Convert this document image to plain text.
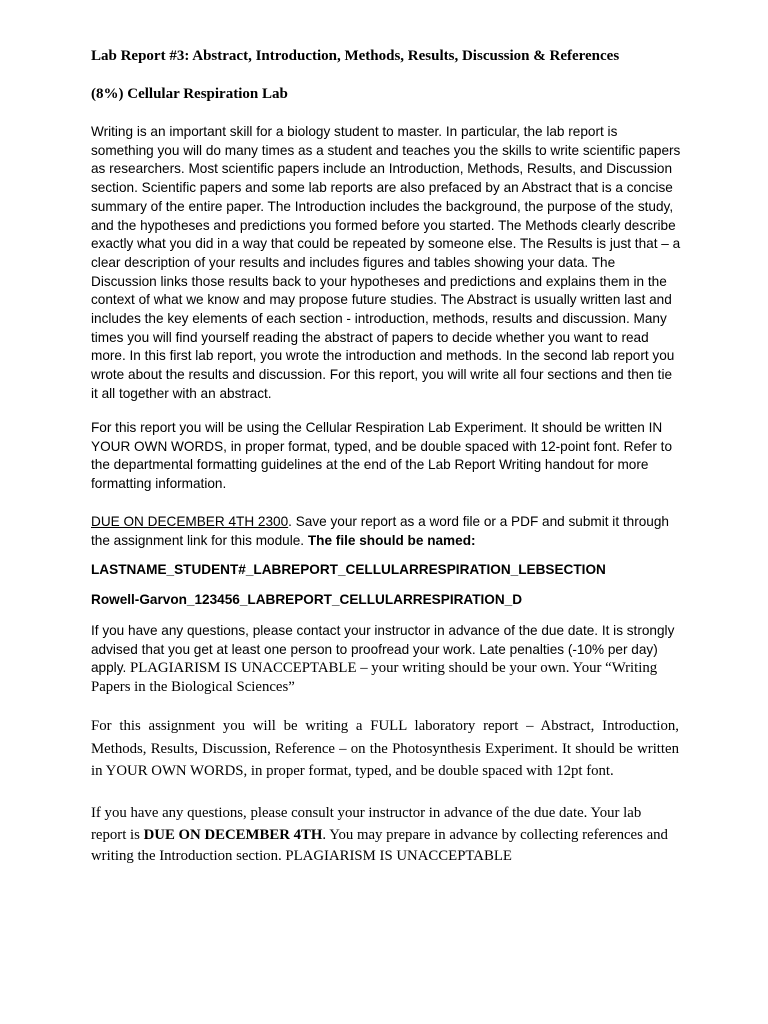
Lab Report #3: Abstract, Introduction, Methods, Results, Discussion & References
(8%) Cellular Respiration Lab

Writing is an important skill for a biology student to master. In particular, the lab report is something you will do many times as a student and teaches you the skills to write scientific papers as researchers. Most scientific papers include an Introduction, Methods, Results, and Discussion section. Scientific papers and some lab reports are also prefaced by an Abstract that is a concise summary of the entire paper. The Introduction includes the background, the purpose of the study, and the hypotheses and predictions you formed before you started. The Methods clearly describe exactly what you did in a way that could be repeated by someone else. The Results is just that – a clear description of your results and includes figures and tables showing your data. The Discussion links those results back to your hypotheses and predictions and explains them in the context of what we know and may propose future studies. The Abstract is usually written last and includes the key elements of each section - introduction, methods, results and discussion. Many times you will find yourself reading the abstract of papers to decide whether you want to read more. In this first lab report, you wrote the introduction and methods. In the second lab report you wrote about the results and discussion. For this report, you will write all four sections and then tie it all together with an abstract.

For this report you will be using the Cellular Respiration Lab Experiment. It should be written IN YOUR OWN WORDS, in proper format, typed, and be double spaced with 12-point font. Refer to the departmental formatting guidelines at the end of the Lab Report Writing handout for more formatting information.

DUE ON DECEMBER 4TH 2300. Save your report as a word file or a PDF and submit it through the assignment link for this module. The file should be named:

LASTNAME_STUDENT#_LABREPORT_CELLULARRESPIRATION_LEBSECTION
Rowell-Garvon_123456_LABREPORT_CELLULARRESPIRATION_D

If you have any questions, please contact your instructor in advance of the due date. It is strongly advised that you get at least one person to proofread your work. Late penalties (-10% per day) apply. PLAGIARISM IS UNACCEPTABLE – your writing should be your own. Your “Writing Papers in the Biological Sciences”

For this assignment you will be writing a FULL laboratory report – Abstract, Introduction, Methods, Results, Discussion, Reference – on the Photosynthesis Experiment. It should be written in YOUR OWN WORDS, in proper format, typed, and be double spaced with 12pt font.

If you have any questions, please consult your instructor in advance of the due date. Your lab report is DUE ON DECEMBER 4TH. You may prepare in advance by collecting references and writing the Introduction section. PLAGIARISM IS UNACCEPTABLE
